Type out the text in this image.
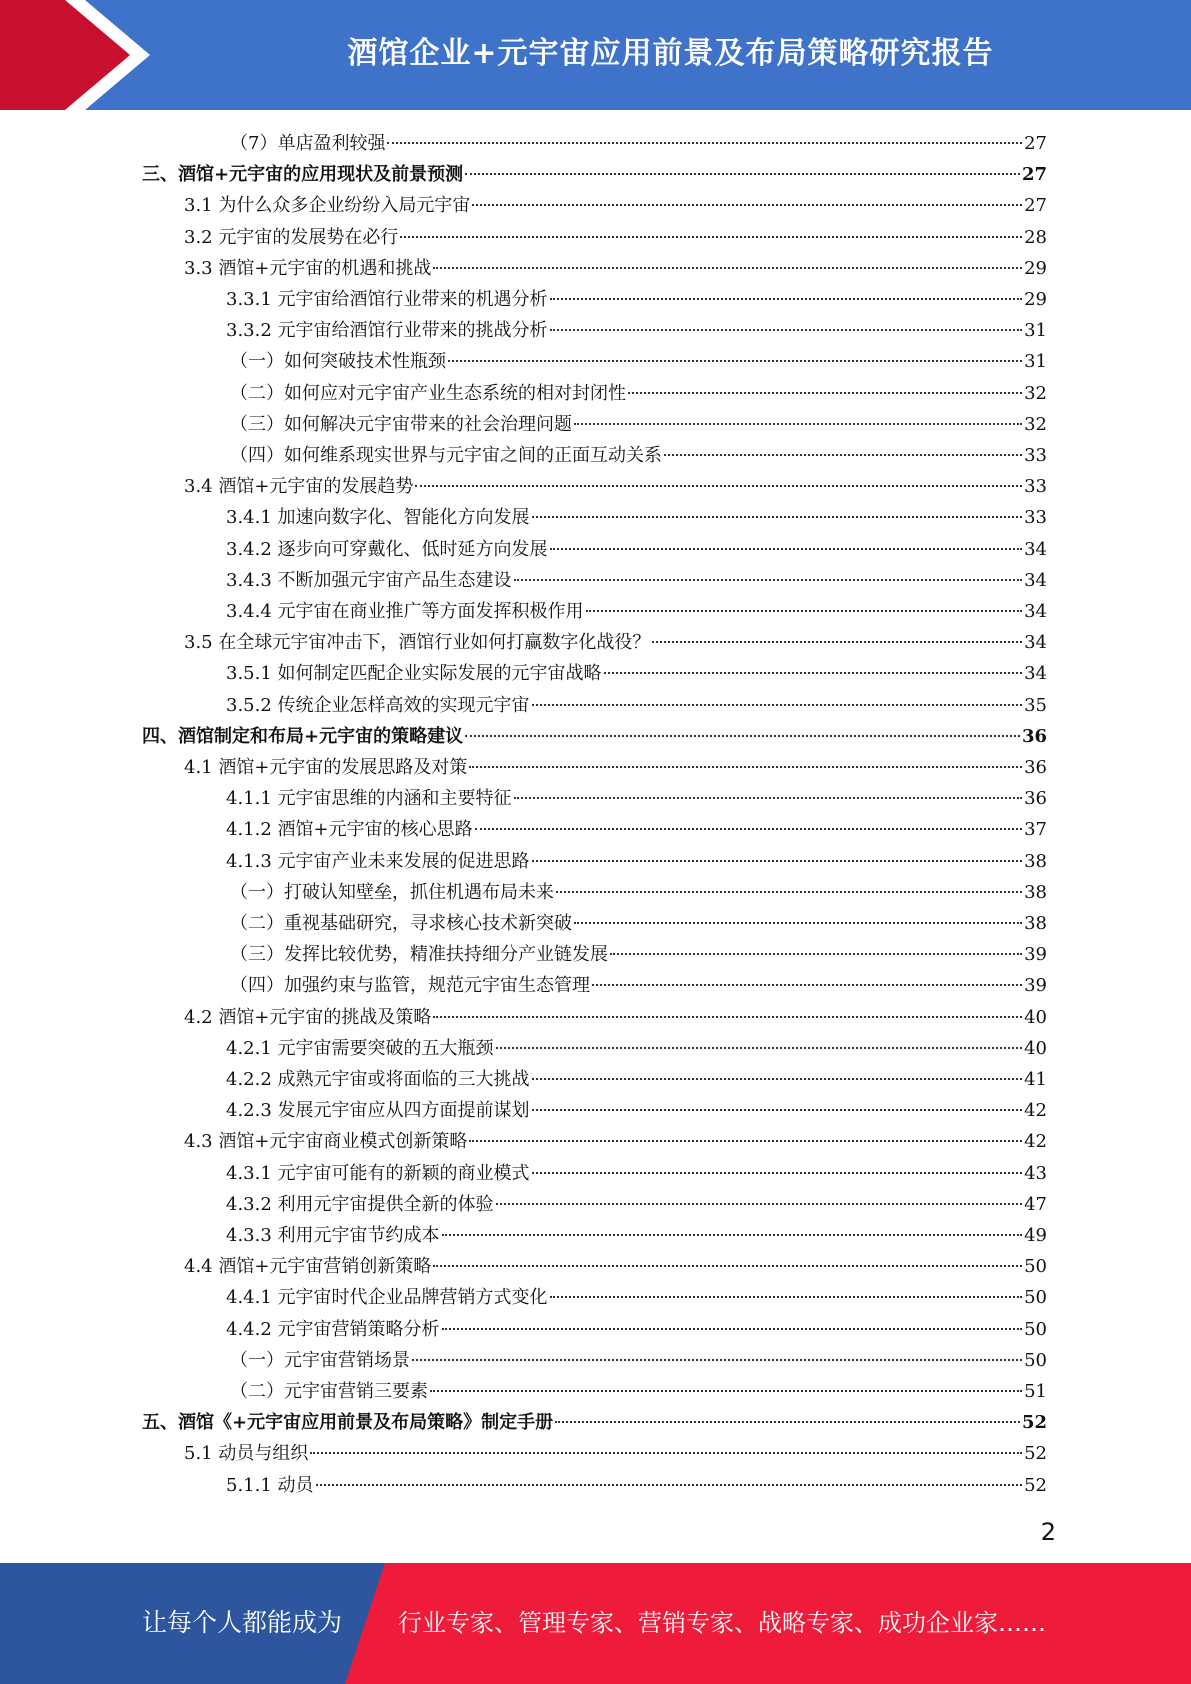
酒馆企业+元宇宙应用前景及布局策略研究报告
（7）单店盈利较强	27
三、酒馆+元宇宙的应用现状及前景预测	27
3.1 为什么众多企业纷纷入局元宇宙	27
3.2 元宇宙的发展势在必行	28
3.3 酒馆+元宇宙的机遇和挑战	29
3.3.1 元宇宙给酒馆行业带来的机遇分析	29
3.3.2 元宇宙给酒馆行业带来的挑战分析	31
（一）如何突破技术性瓶颈	31
（二）如何应对元宇宙产业生态系统的相对封闭性	32
（三）如何解决元宇宙带来的社会治理问题	32
（四）如何维系现实世界与元宇宙之间的正面互动关系	33
3.4 酒馆+元宇宙的发展趋势	33
3.4.1 加速向数字化、智能化方向发展	33
3.4.2 逐步向可穿戴化、低时延方向发展	34
3.4.3 不断加强元宇宙产品生态建设	34
3.4.4 元宇宙在商业推广等方面发挥积极作用	34
3.5 在全球元宇宙冲击下，酒馆行业如何打赢数字化战役？	34
3.5.1 如何制定匹配企业实际发展的元宇宙战略	34
3.5.2 传统企业怎样高效的实现元宇宙	35
四、酒馆制定和布局+元宇宙的策略建议	36
4.1 酒馆+元宇宙的发展思路及对策	36
4.1.1 元宇宙思维的内涵和主要特征	36
4.1.2 酒馆+元宇宙的核心思路	37
4.1.3 元宇宙产业未来发展的促进思路	38
（一）打破认知壁垒，抓住机遇布局未来	38
（二）重视基础研究，寻求核心技术新突破	38
（三）发挥比较优势，精准扶持细分产业链发展	39
（四）加强约束与监管，规范元宇宙生态管理	39
4.2 酒馆+元宇宙的挑战及策略	40
4.2.1 元宇宙需要突破的五大瓶颈	40
4.2.2 成熟元宇宙或将面临的三大挑战	41
4.2.3 发展元宇宙应从四方面提前谋划	42
4.3 酒馆+元宇宙商业模式创新策略	42
4.3.1 元宇宙可能有的新颖的商业模式	43
4.3.2 利用元宇宙提供全新的体验	47
4.3.3 利用元宇宙节约成本	49
4.4 酒馆+元宇宙营销创新策略	50
4.4.1 元宇宙时代企业品牌营销方式变化	50
4.4.2 元宇宙营销策略分析	50
（一）元宇宙营销场景	50
（二）元宇宙营销三要素	51
五、酒馆《+元宇宙应用前景及布局策略》制定手册	52
5.1 动员与组织	52
5.1.1 动员	52
2
让每个人都能成为 行业专家、管理专家、营销专家、战略专家、成功企业家……
